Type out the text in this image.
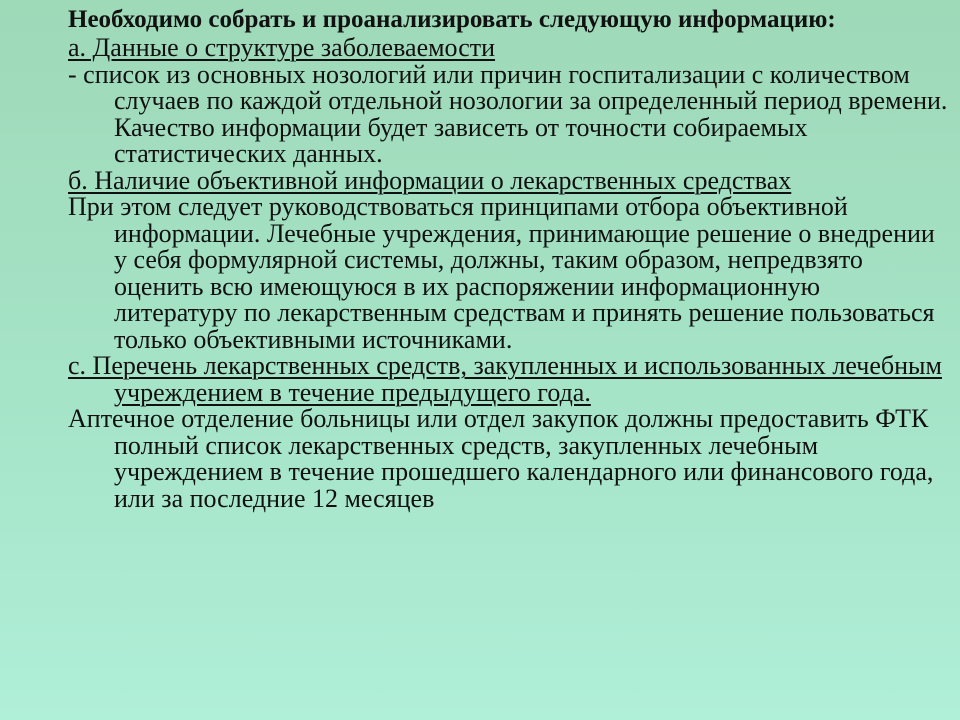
Необходимо собрать и проанализировать следующую информацию:

а. Данные о структуре заболеваемости

- список из основных нозологий или причин госпитализации с количеством случаев по каждой отдельной нозологии за определенный период времени. Качество информации будет зависеть от точности собираемых статистических данных.

б. Наличие объективной информации о лекарственных средствах

При этом следует руководствоваться принципами отбора объективной информации. Лечебные учреждения, принимающие решение о внедрении у себя формулярной системы, должны, таким образом, непредвзято оценить всю имеющуюся в их распоряжении информационную литературу по лекарственным средствам и принять решение пользоваться только объективными источниками.

с. Перечень лекарственных средств, закупленных и использованных лечебным учреждением в течение предыдущего года.

Аптечное отделение больницы или отдел закупок должны предоставить ФТК полный список лекарственных средств, закупленных лечебным учреждением в течение прошедшего календарного или финансового года, или за последние 12 месяцев
